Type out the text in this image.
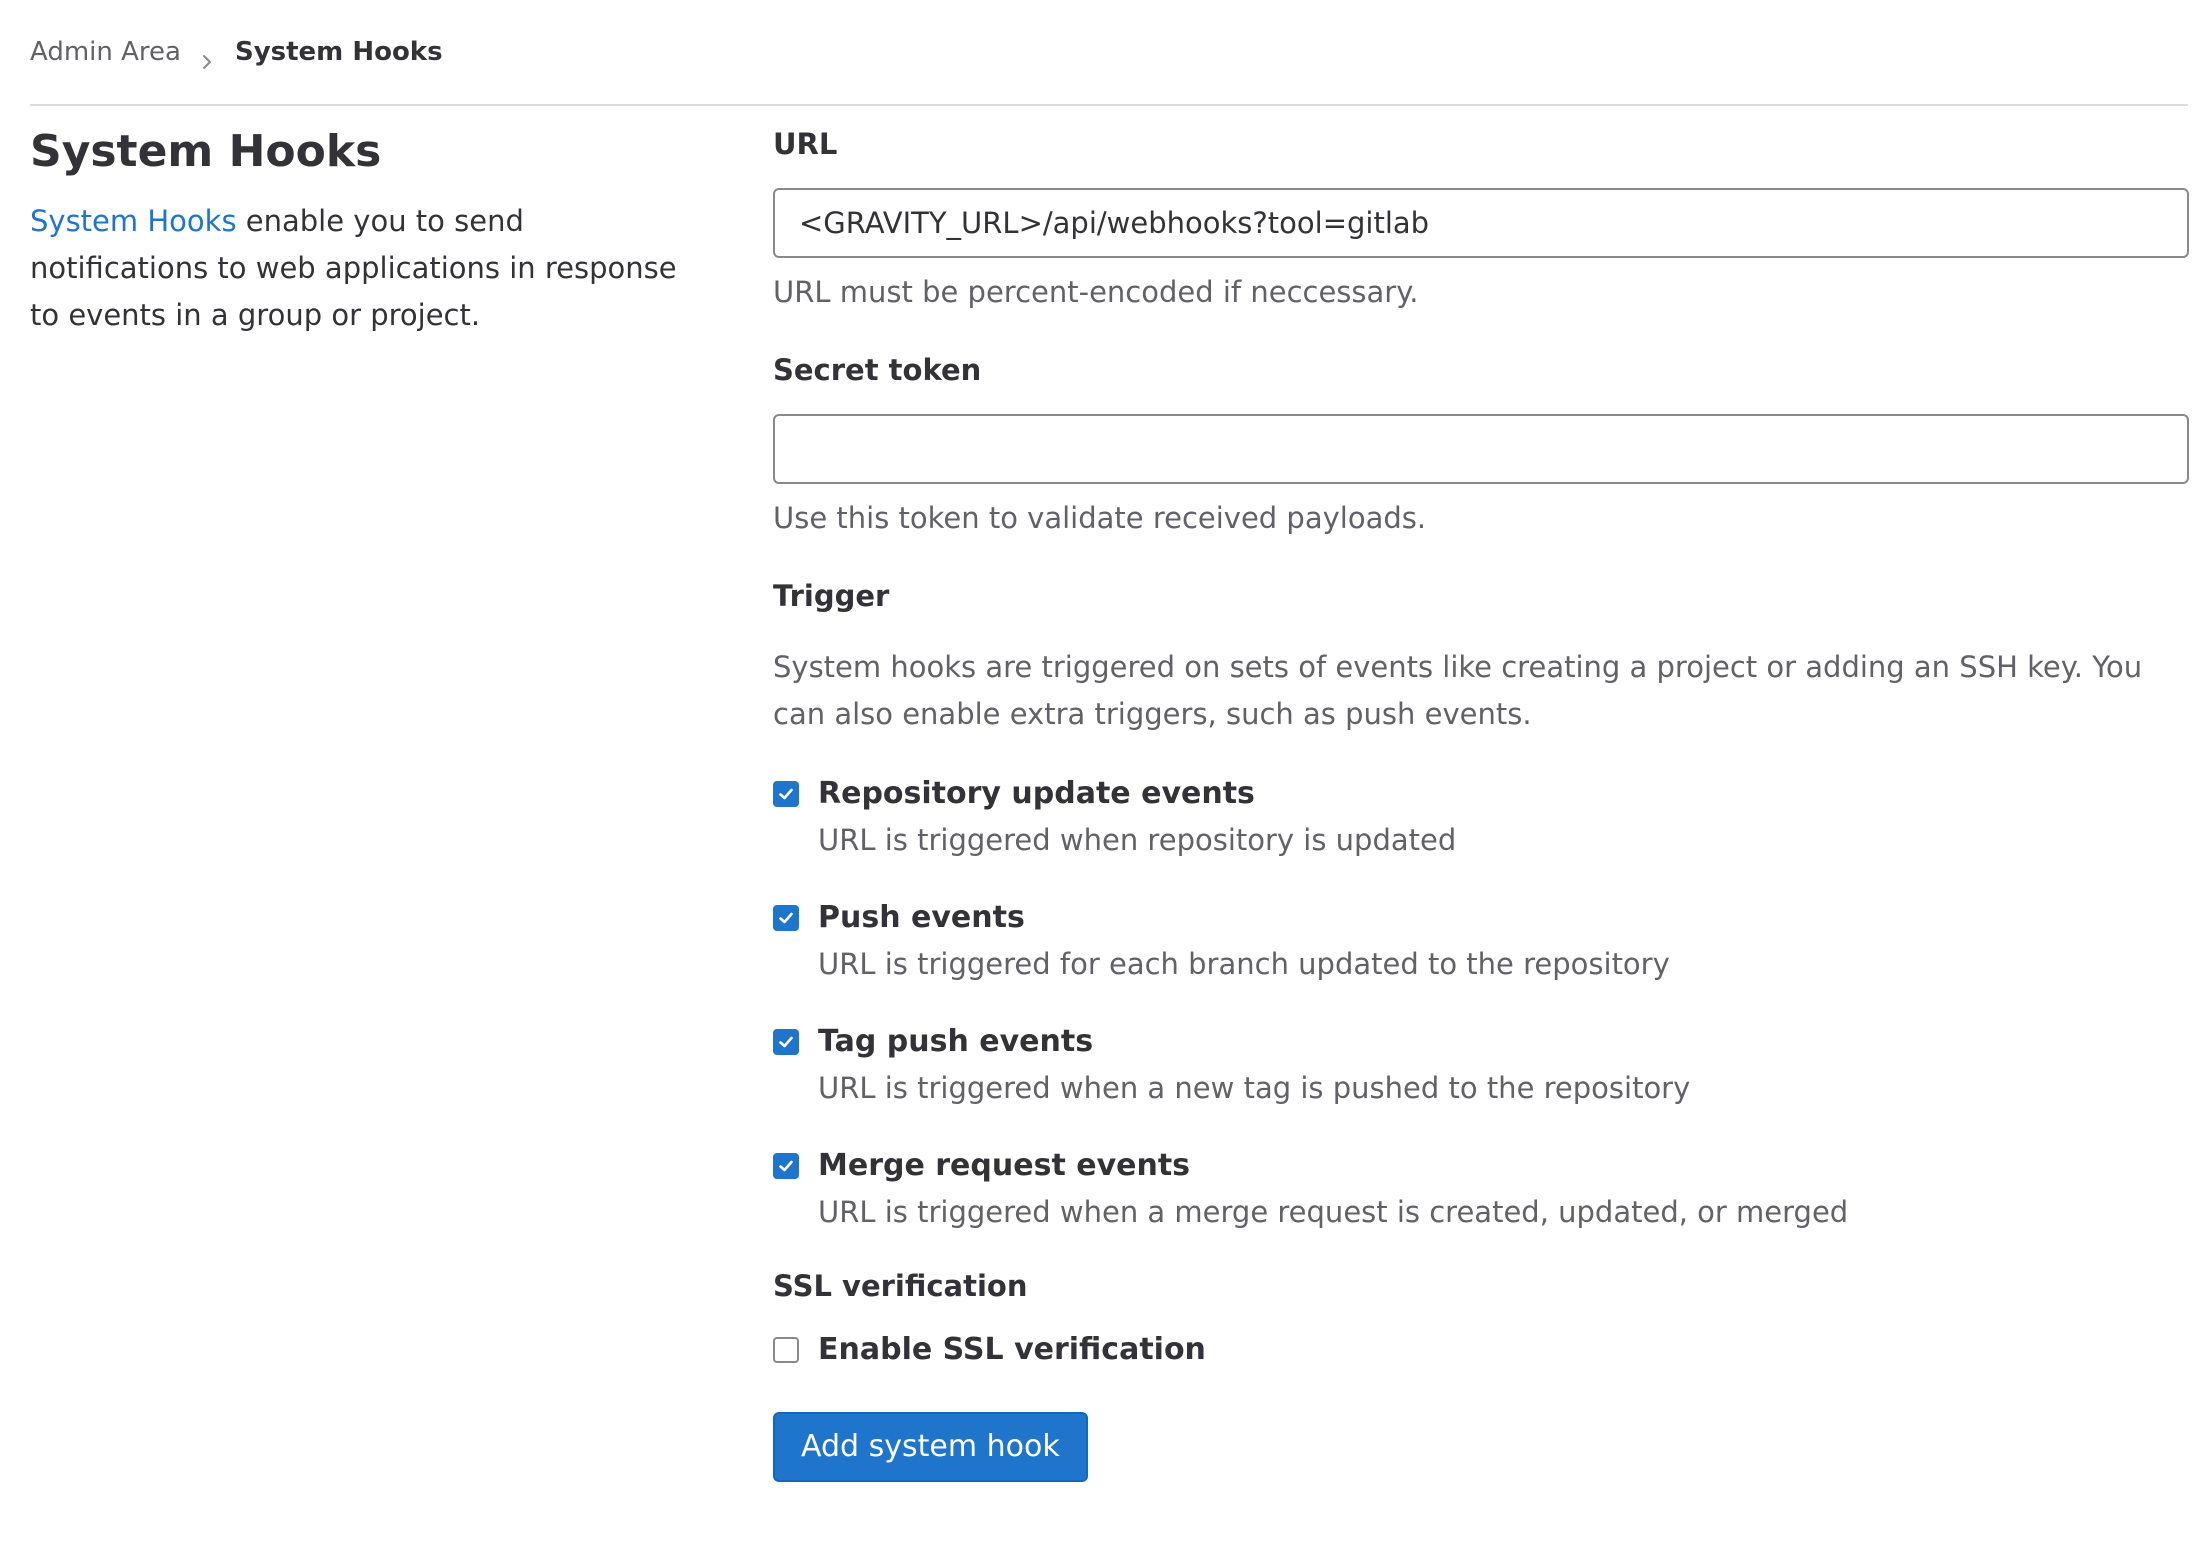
Admin Area System Hooks
System Hooks

System Hooks enable you to send notifications to web applications in response to events in a group or project.

URL
<GRAVITY_URL>/api/webhooks?tool=gitlab

URL must be percent-encoded if neccessary.

Secret token

Use this token to validate received payloads.

Trigger

System hooks are triggered on sets of events like creating a project or adding an SSH key. You can also enable extra triggers, such as push events.

Repository update events
URL is triggered when repository is updated
Push events
URL is triggered for each branch updated to the repository
Tag push events
URL is triggered when a new tag is pushed to the repository
Merge request events
URL is triggered when a merge request is created, updated, or merged
SSL verification
Enable SSL verification
Add system hook
